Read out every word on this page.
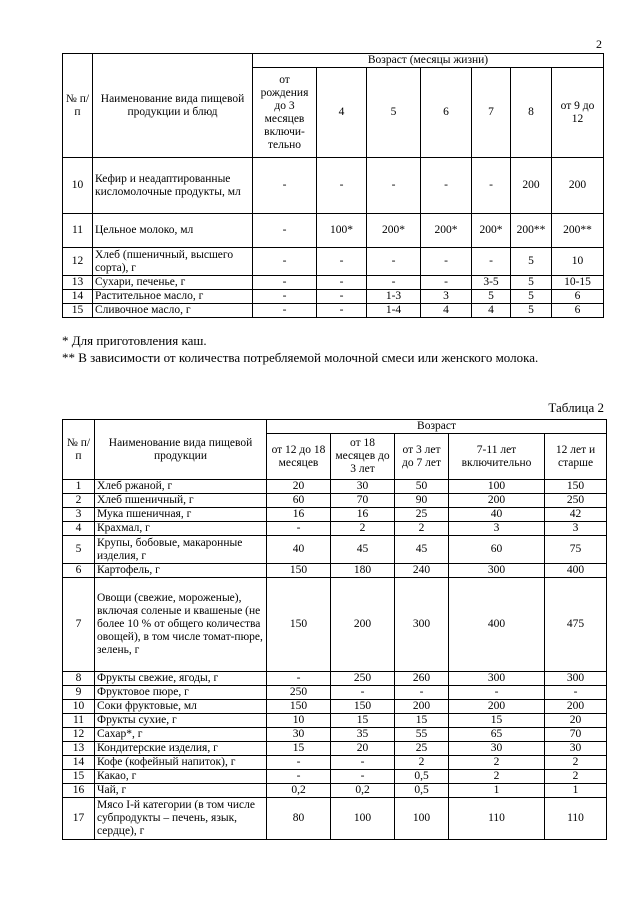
2
№ п/п	Наименование вида пищевой продукции и блюд	Возраст (месяцы жизни)						
		от рождения до 3 месяцев включи-тельно	4	5	6	7	8	от 9 до 12
10	Кефир и неадаптированные кисломолочные продукты, мл	-	-	-	-	-	200	200
11	Цельное молоко, мл	-	100*	200*	200*	200*	200**	200**
12	Хлеб (пшеничный, высшего сорта), г	-	-	-	-	-	5	10
13	Сухари, печенье, г	-	-	-	-	3-5	5	10-15
14	Растительное масло, г	-	-	1-3	3	5	5	6
15	Сливочное масло, г	-	-	1-4	4	4	5	6
* Для приготовления каш.
** В зависимости от количества потребляемой молочной смеси или женского молока.
Таблица 2
№ п/п	Наименование вида пищевой продукции	Возраст				
		от 12 до 18 месяцев	от 18 месяцев до 3 лет	от 3 лет до 7 лет	7-11 лет включительно	12 лет и старше
1	Хлеб ржаной, г	20	30	50	100	150
2	Хлеб пшеничный, г	60	70	90	200	250
3	Мука пшеничная, г	16	16	25	40	42
4	Крахмал, г	-	2	2	3	3
5	Крупы, бобовые, макаронные изделия, г	40	45	45	60	75
6	Картофель, г	150	180	240	300	400
7	Овощи (свежие, мороженые), включая соленые и квашеные (не более 10 % от общего количества овощей), в том числе томат-пюре, зелень, г	150	200	300	400	475
8	Фрукты свежие, ягоды, г	-	250	260	300	300
9	Фруктовое пюре, г	250	-	-	-	-
10	Соки фруктовые, мл	150	150	200	200	200
11	Фрукты сухие, г	10	15	15	15	20
12	Сахар*, г	30	35	55	65	70
13	Кондитерские изделия, г	15	20	25	30	30
14	Кофе (кофейный напиток), г	-	-	2	2	2
15	Какао, г	-	-	0,5	2	2
16	Чай, г	0,2	0,2	0,5	1	1
17	Мясо I-й категории (в том числе субпродукты – печень, язык, сердце), г	80	100	100	110	110
